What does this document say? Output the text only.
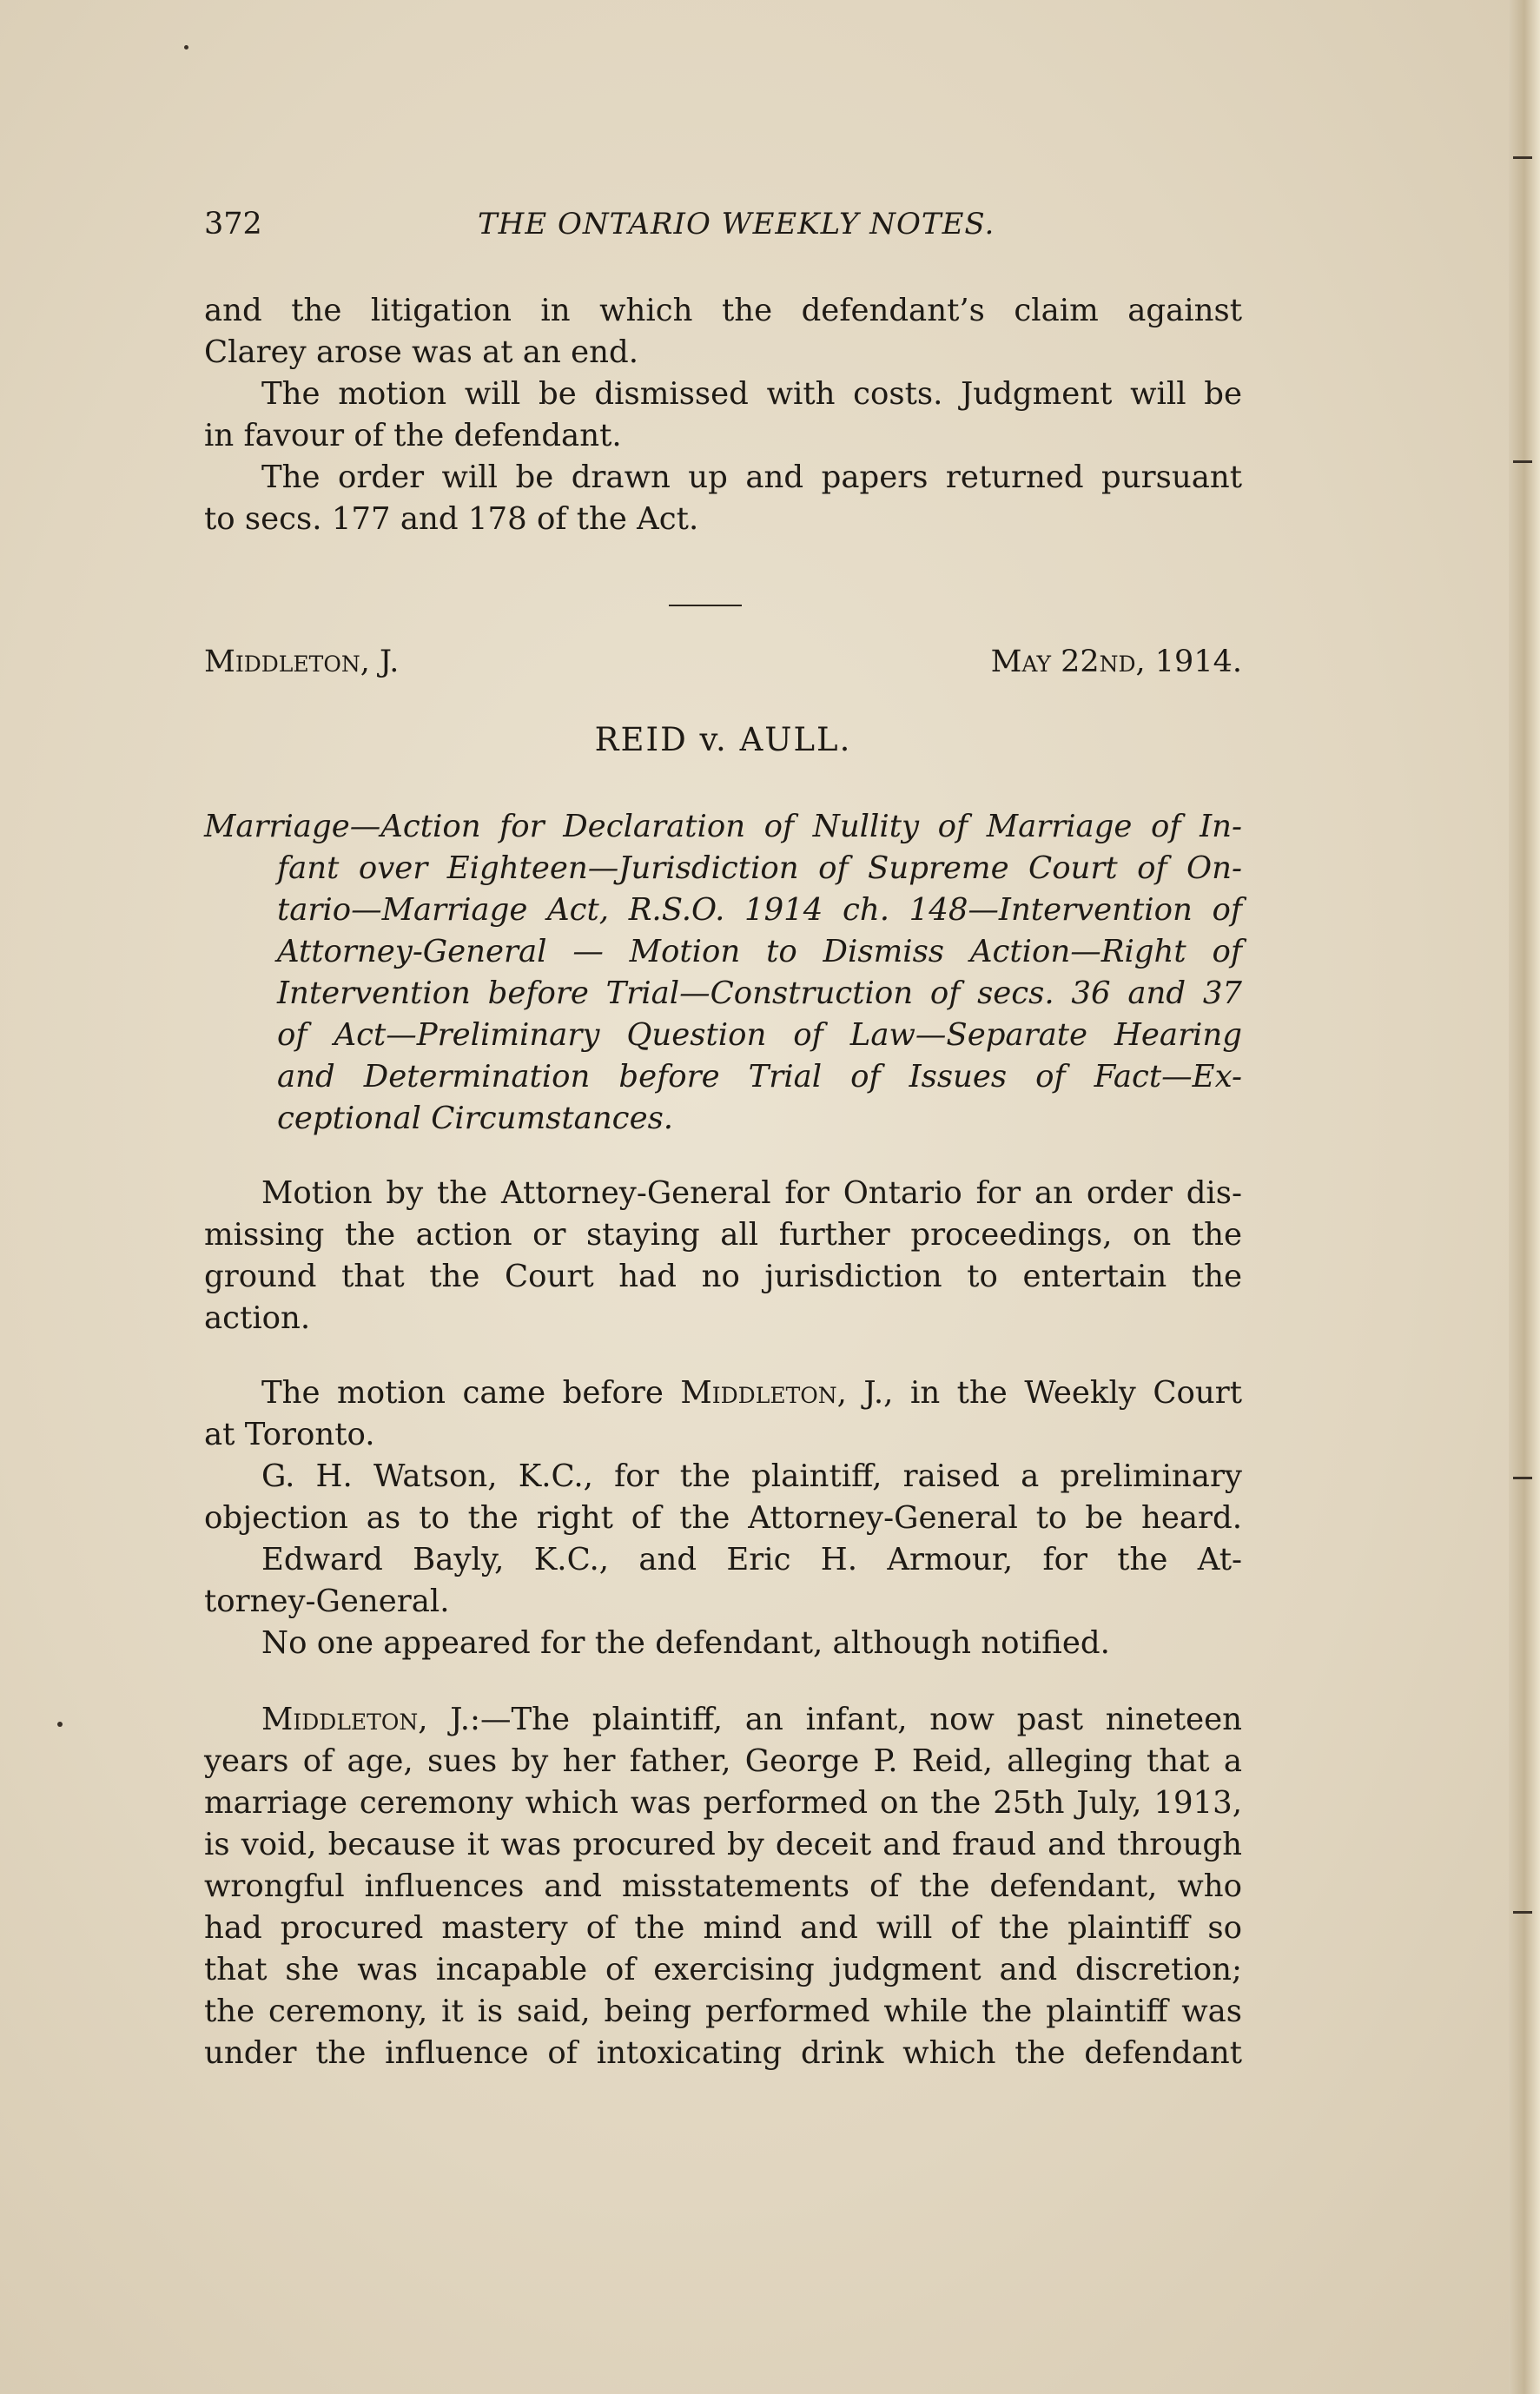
372	THE ONTARIO WEEKLY NOTES.
and the litigation in which the defendant’s claim against
Clarey arose was at an end.
The motion will be dismissed with costs. Judgment will be
in favour of the defendant.
The order will be drawn up and papers returned pursuant
to secs. 177 and 178 of the Act.
Middleton, J.	May 22nd, 1914.
REID v. AULL.
Marriage—Action for Declaration of Nullity of Marriage of In-
fant over Eighteen—Jurisdiction of Supreme Court of On-
tario—Marriage Act, R.S.O. 1914 ch. 148—Intervention of
Attorney-General — Motion to Dismiss Action—Right of
Intervention before Trial—Construction of secs. 36 and 37
of Act—Preliminary Question of Law—Separate Hearing
and Determination before Trial of Issues of Fact—Ex-
ceptional Circumstances.
Motion by the Attorney-General for Ontario for an order dis-
missing the action or staying all further proceedings, on the
ground that the Court had no jurisdiction to entertain the
action.
The motion came before Middleton, J., in the Weekly Court
at Toronto.
G. H. Watson, K.C., for the plaintiff, raised a preliminary
objection as to the right of the Attorney-General to be heard.
Edward Bayly, K.C., and Eric H. Armour, for the At-
torney-General.
No one appeared for the defendant, although notified.
Middleton, J.:—The plaintiff, an infant, now past nineteen
years of age, sues by her father, George P. Reid, alleging that a
marriage ceremony which was performed on the 25th July, 1913,
is void, because it was procured by deceit and fraud and through
wrongful influences and misstatements of the defendant, who
had procured mastery of the mind and will of the plaintiff so
that she was incapable of exercising judgment and discretion;
the ceremony, it is said, being performed while the plaintiff was
under the influence of intoxicating drink which the defendant
